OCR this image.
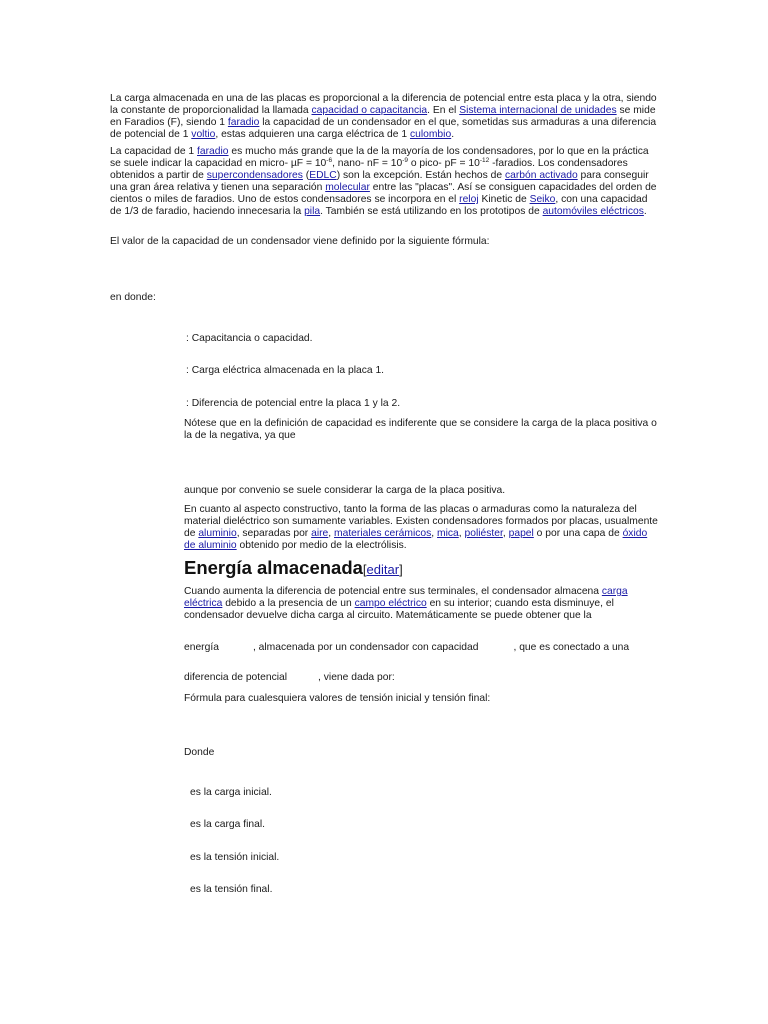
La carga almacenada en una de las placas es proporcional a la diferencia de potencial entre esta placa y la otra, siendo la constante de proporcionalidad la llamada capacidad o capacitancia. En el Sistema internacional de unidades se mide en Faradios (F), siendo 1 faradio la capacidad de un condensador en el que, sometidas sus armaduras a una diferencia de potencial de 1 voltio, estas adquieren una carga eléctrica de 1 culombio.

La capacidad de 1 faradio es mucho más grande que la de la mayoría de los condensadores, por lo que en la práctica se suele indicar la capacidad en micro- $\mu F = 10^{-6}$, nano- nF = $10^{-9}$ o pico- pF = $10^{-12}$ -faradios. Los condensadores obtenidos a partir de supercondensadores (EDLC) son la excepción. Están hechos de carbón activado para conseguir una gran área relativa y tienen una separación molecular entre las "placas". Así se consiguen capacidades del orden de cientos o miles de faradios. Uno de estos condensadores se incorpora en el reloj Kinetic de Seiko, con una capacidad de 1/3 de faradio, haciendo innecesaria la pila. También se está utilizando en los prototipos de automóviles eléctricos.

El valor de la capacidad de un condensador viene definido por la siguiente fórmula:

en donde:

: Capacitancia o capacidad.

: Carga eléctrica almacenada en la placa 1.

: Diferencia de potencial entre la placa 1 y la 2.

Nótese que en la definición de capacidad es indiferente que se considere la carga de la placa positiva o la de la negativa, ya que

aunque por convenio se suele considerar la carga de la placa positiva.

En cuanto al aspecto constructivo, tanto la forma de las placas o armaduras como la naturaleza del material dieléctrico son sumamente variables. Existen condensadores formados por placas, usualmente de aluminio, separadas por aire, materiales cerámicos, mica, poliéster, papel o por una capa de óxido de aluminio obtenido por medio de la electrólisis.

Energía almacenada[editar]

Cuando aumenta la diferencia de potencial entre sus terminales, el condensador almacena carga eléctrica debido a la presencia de un campo eléctrico en su interior; cuando esta disminuye, el condensador devuelve dicha carga al circuito. Matemáticamente se puede obtener que la

energía	, almacenada por un condensador con capacidad	, que es conectado a una

diferencia de potencial	, viene dada por:

Fórmula para cualesquiera valores de tensión inicial y tensión final:

Donde

es la carga inicial.

es la carga final.

es la tensión inicial.

es la tensión final.
